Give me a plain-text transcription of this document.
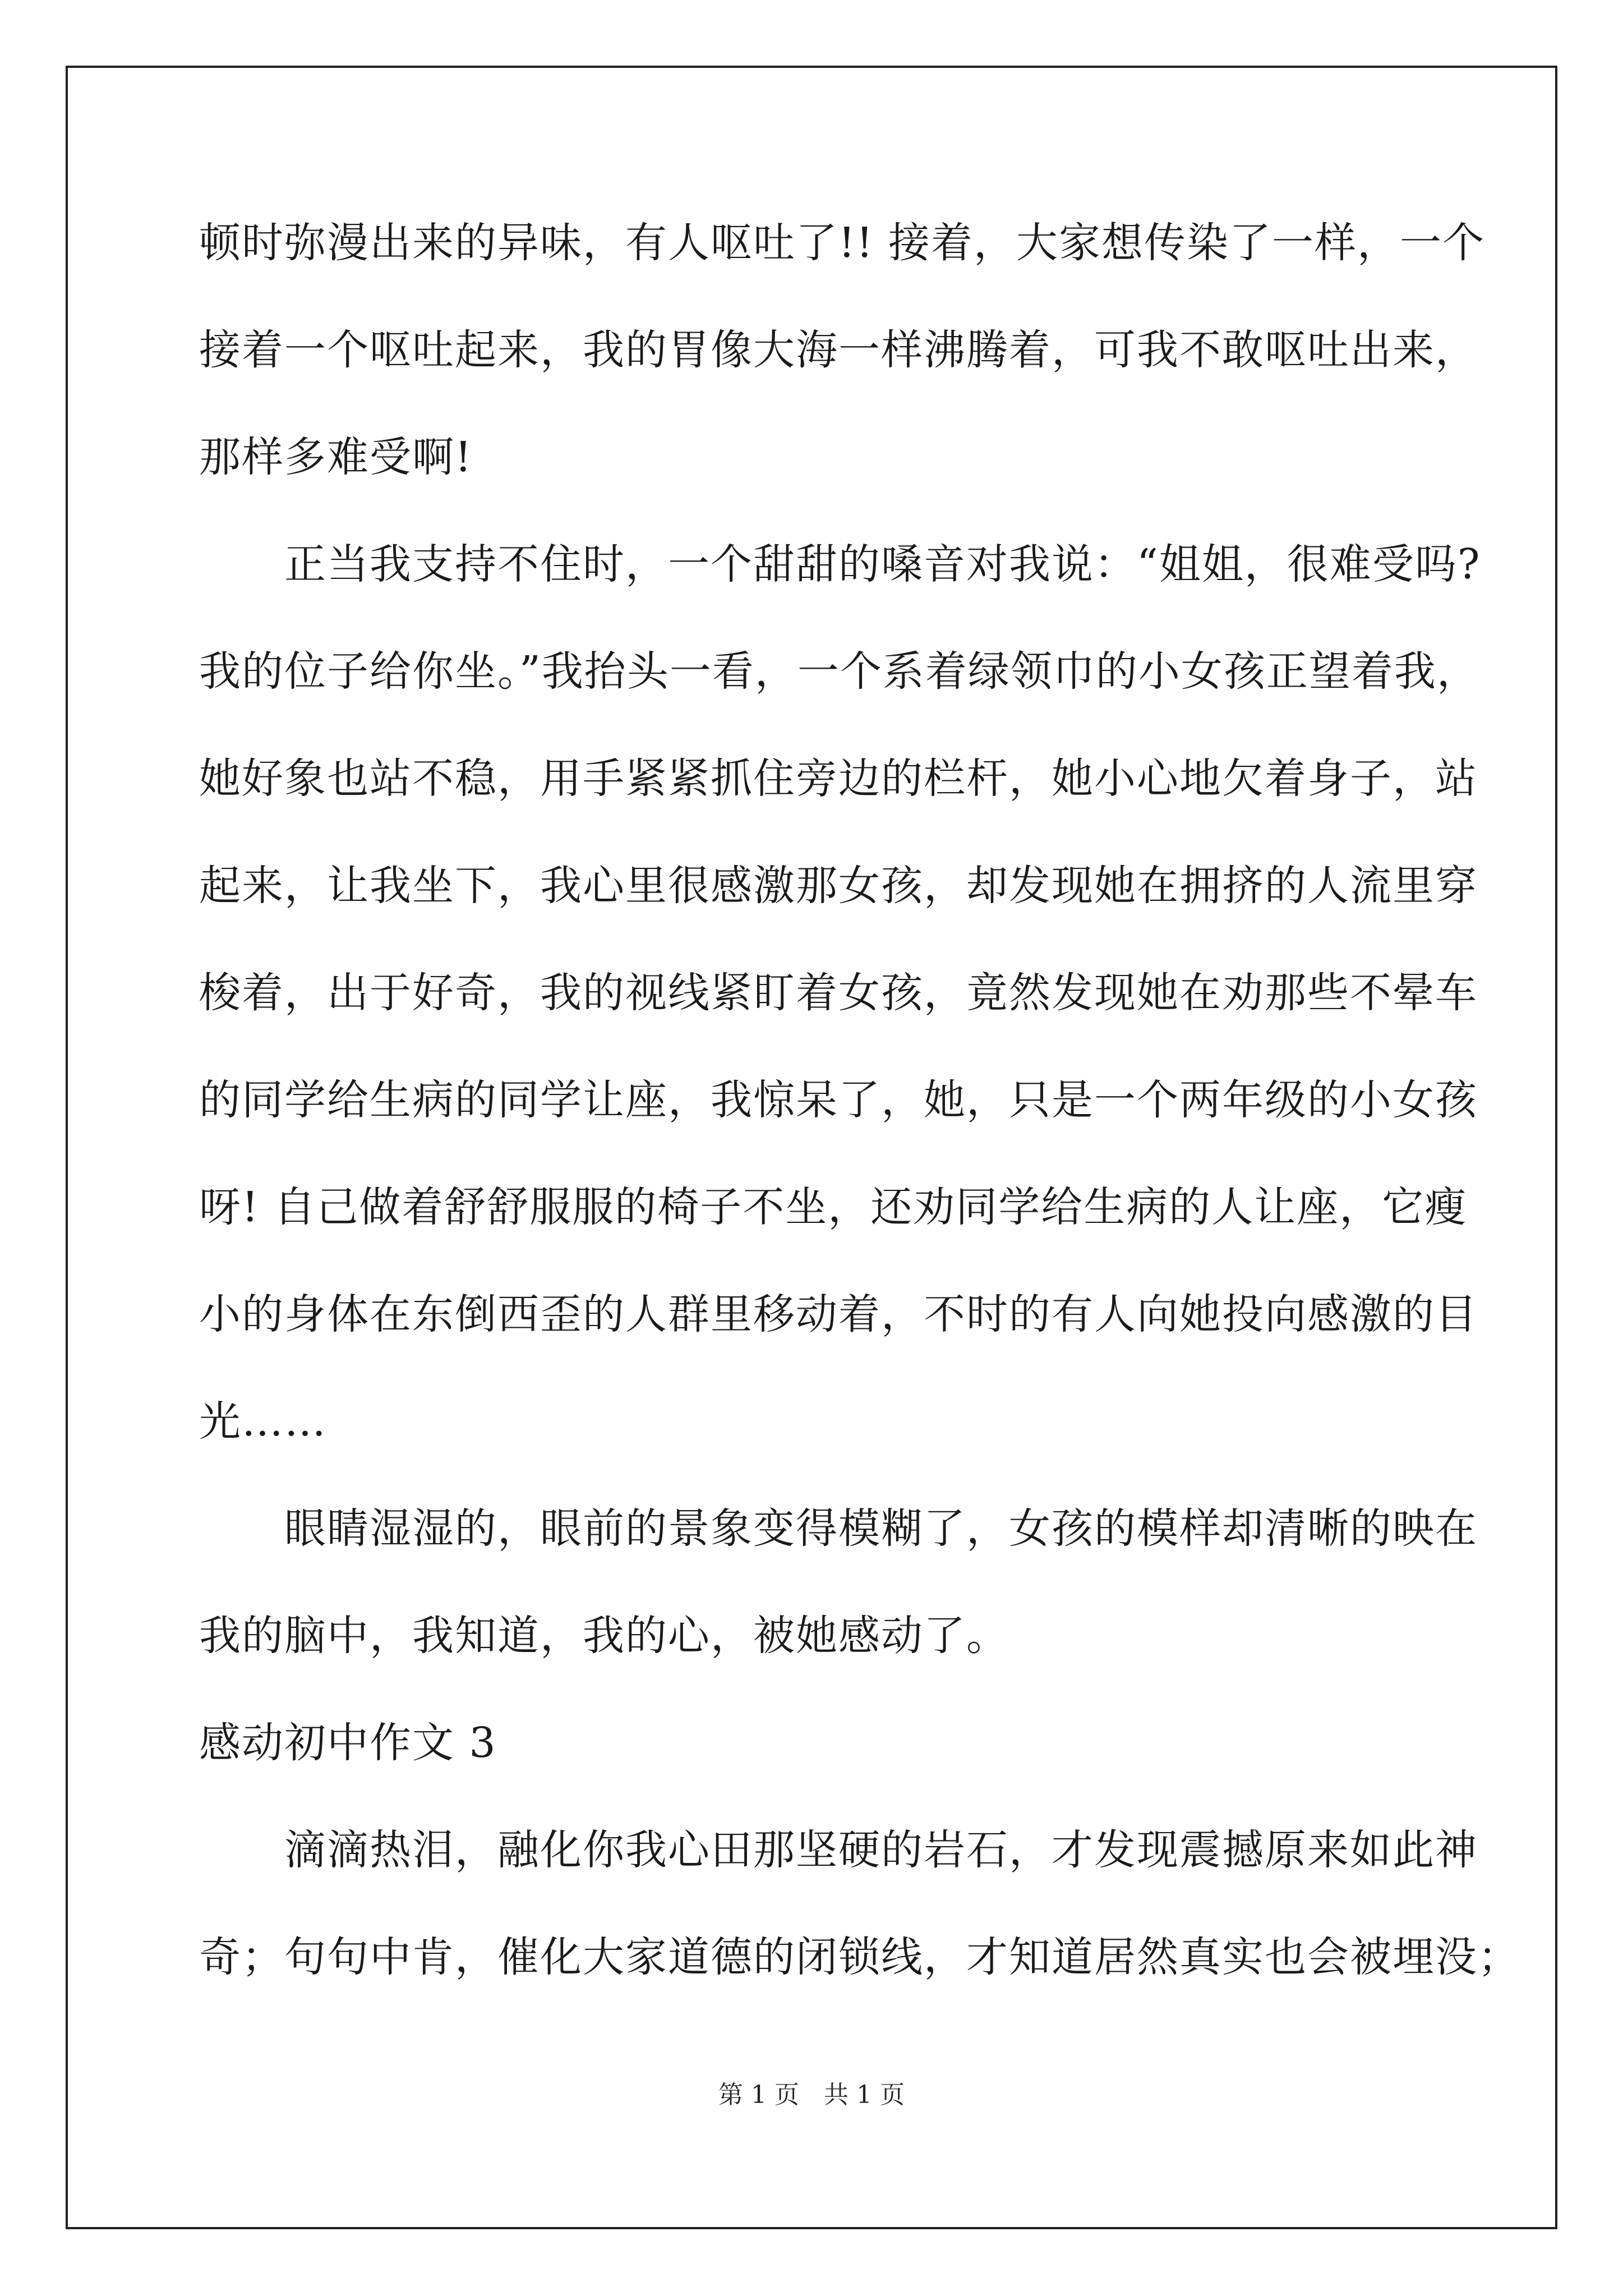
顿时弥漫出来的异味，有人呕吐了!! 接着，大家想传染了一样，一个
接着一个呕吐起来，我的胃像大海一样沸腾着，可我不敢呕吐出来，
那样多难受啊!
　　正当我支持不住时，一个甜甜的嗓音对我说：“姐姐，很难受吗?
我的位子给你坐。”我抬头一看，一个系着绿领巾的小女孩正望着我，
她好象也站不稳，用手紧紧抓住旁边的栏杆，她小心地欠着身子，站
起来，让我坐下，我心里很感激那女孩，却发现她在拥挤的人流里穿
梭着，出于好奇，我的视线紧盯着女孩，竟然发现她在劝那些不晕车
的同学给生病的同学让座，我惊呆了，她，只是一个两年级的小女孩
呀! 自己做着舒舒服服的椅子不坐，还劝同学给生病的人让座，它瘦
小的身体在东倒西歪的人群里移动着，不时的有人向她投向感激的目
光……
　　眼睛湿湿的，眼前的景象变得模糊了，女孩的模样却清晰的映在
我的脑中，我知道，我的心，被她感动了。
感动初中作文 3
　　滴滴热泪，融化你我心田那坚硬的岩石，才发现震撼原来如此神
奇；句句中肯，催化大家道德的闭锁线，才知道居然真实也会被埋没；
第 1 页　共 1 页
